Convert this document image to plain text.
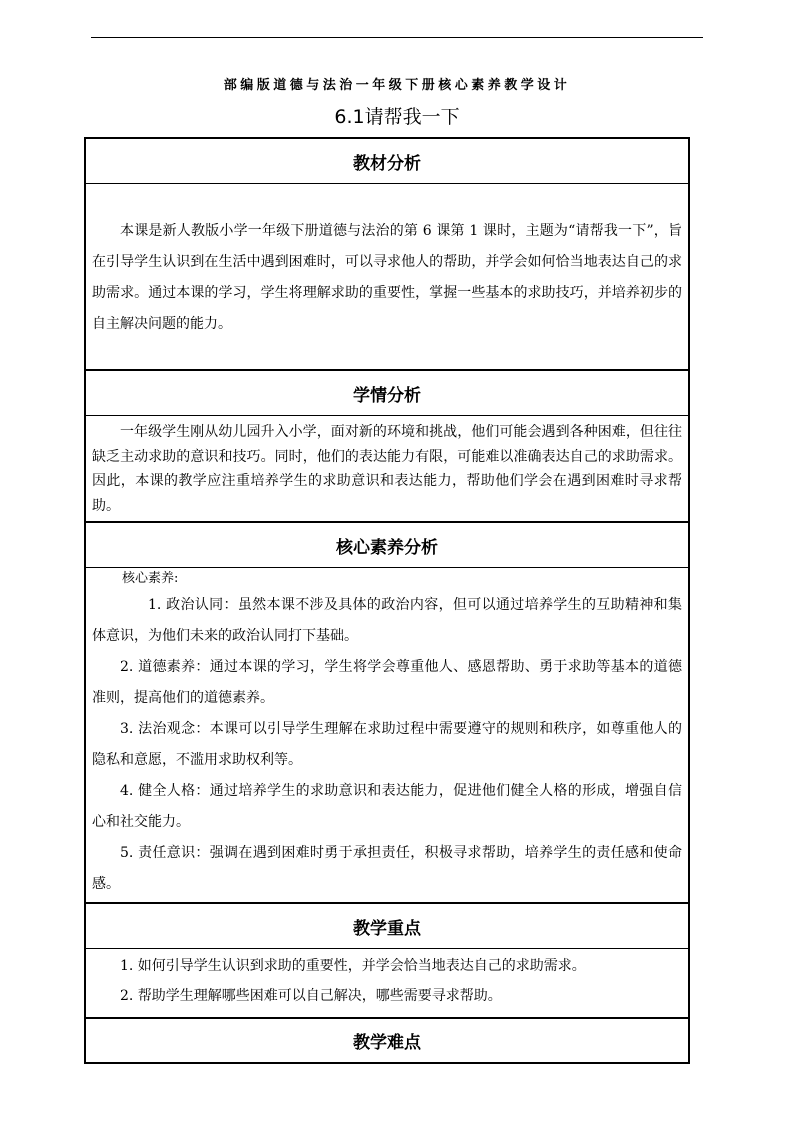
部编版道德与法治一年级下册核心素养教学设计
6.1请帮我一下
教材分析

本课是新人教版小学一年级下册道德与法治的第 6 课第 1 课时，主题为“请帮我一下”，旨在引导学生认识到在生活中遇到困难时，可以寻求他人的帮助，并学会如何恰当地表达自己的求助需求。通过本课的学习，学生将理解求助的重要性，掌握一些基本的求助技巧，并培养初步的自主解决问题的能力。

学情分析

一年级学生刚从幼儿园升入小学，面对新的环境和挑战，他们可能会遇到各种困难，但往往缺乏主动求助的意识和技巧。同时，他们的表达能力有限，可能难以准确表达自己的求助需求。因此，本课的教学应注重培养学生的求助意识和表达能力，帮助他们学会在遇到困难时寻求帮助。

核心素养分析

核心素养:

1. 政治认同：虽然本课不涉及具体的政治内容，但可以通过培养学生的互助精神和集体意识，为他们未来的政治认同打下基础。

2. 道德素养：通过本课的学习，学生将学会尊重他人、感恩帮助、勇于求助等基本的道德准则，提高他们的道德素养。

3. 法治观念：本课可以引导学生理解在求助过程中需要遵守的规则和秩序，如尊重他人的隐私和意愿，不滥用求助权利等。

4. 健全人格：通过培养学生的求助意识和表达能力，促进他们健全人格的形成，增强自信心和社交能力。

5. 责任意识：强调在遇到困难时勇于承担责任，积极寻求帮助，培养学生的责任感和使命感。

教学重点

1. 如何引导学生认识到求助的重要性，并学会恰当地表达自己的求助需求。

2. 帮助学生理解哪些困难可以自己解决，哪些需要寻求帮助。

教学难点
